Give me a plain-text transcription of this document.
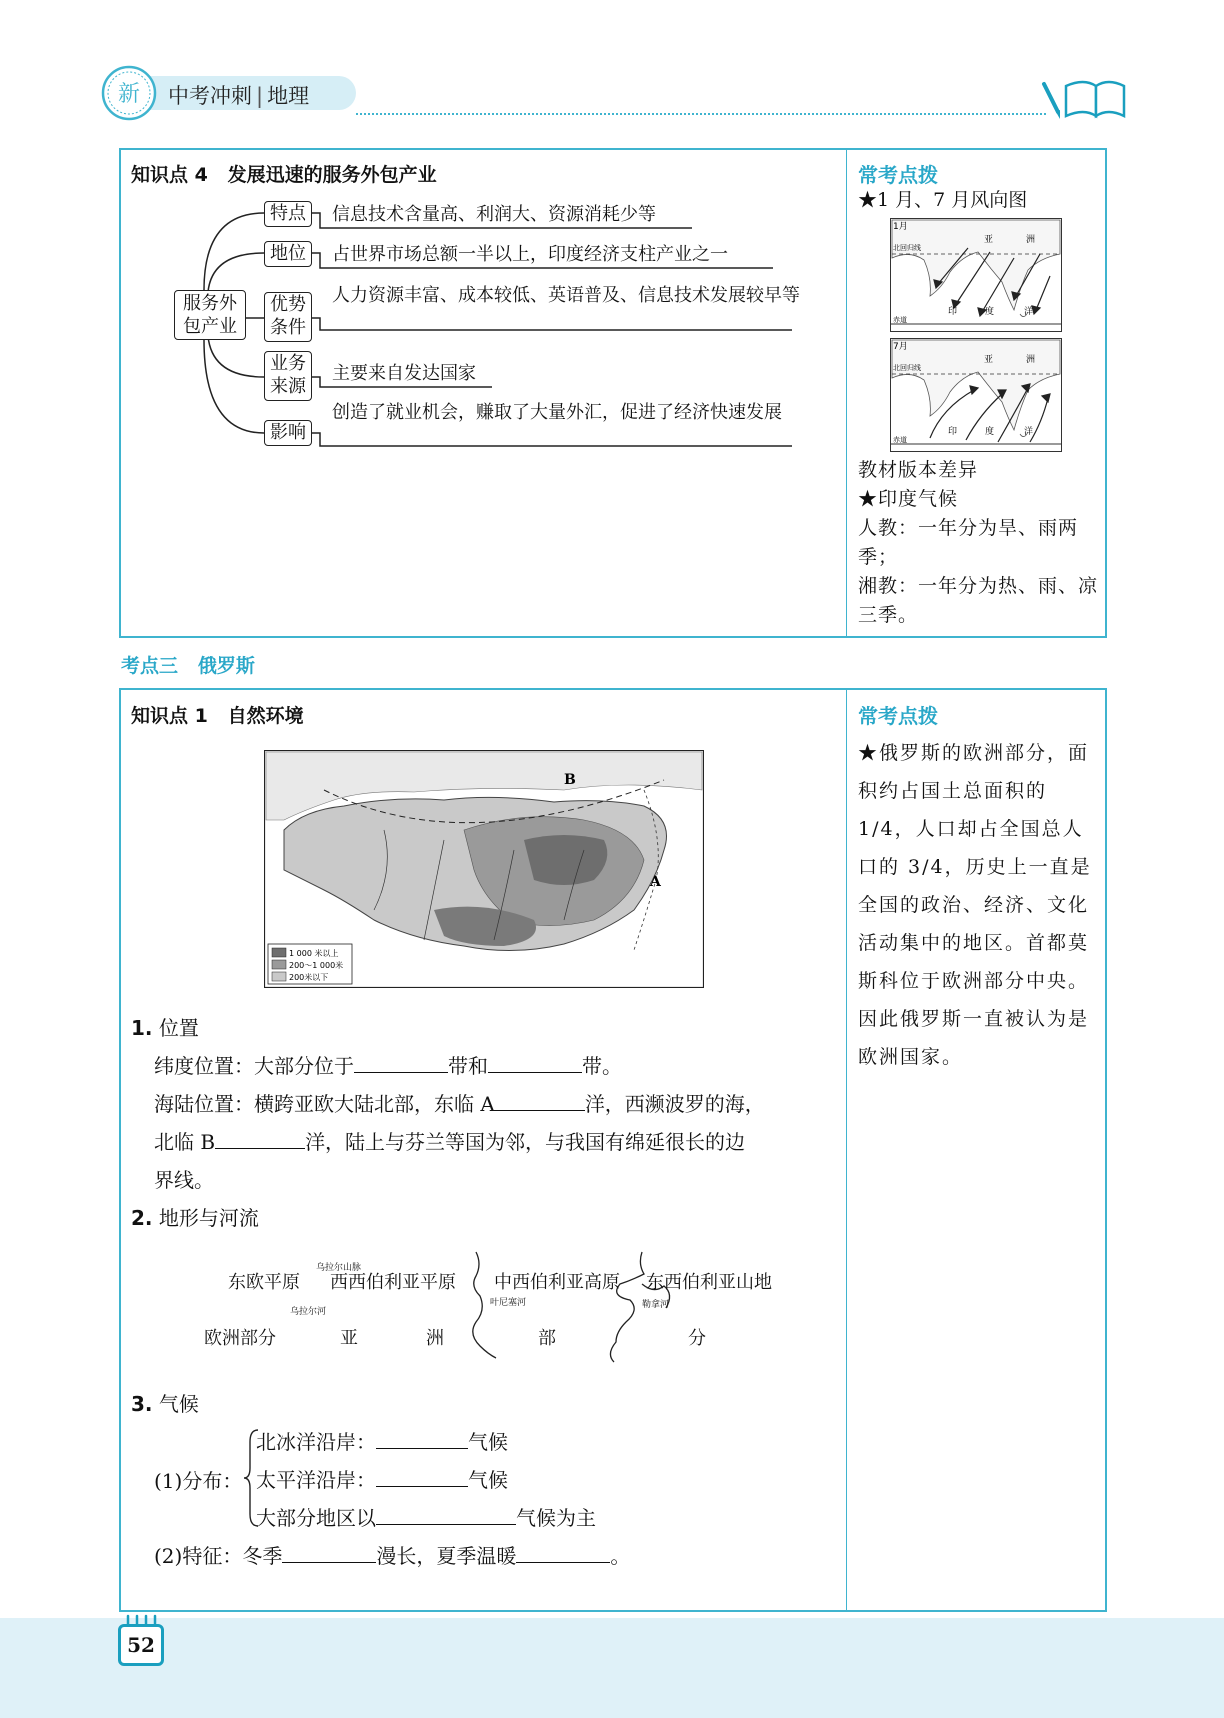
新 中考冲刺 | 地理
知识点 4   发展迅速的服务外包产业
服务外包产业
特点
地位
优势条件
业务来源
影响
信息技术含量高、利润大、资源消耗少等
占世界市场总额一半以上，印度经济支柱产业之一
人力资源丰富、成本较低、英语普及、信息技术发展较早等
主要来自发达国家
创造了就业机会，赚取了大量外汇，促进了经济快速发展
常考点拨
★1 月、7 月风向图
1月
亚	洲
北回归线
印	度	洋
赤道
7月
亚	洲
北回归线
印	度	洋
赤道
教材版本差异
★印度气候
人教：一年分为旱、雨两季；
湘教：一年分为热、雨、凉三季。
考点三   俄罗斯
知识点 1   自然环境
B
A
1 000 米以上
200～1 000米
200米以下
1. 位置
纬度位置：大部分位于	带和	带。
海陆位置：横跨亚欧大陆北部，东临 A	洋，西濒波罗的海，
北临 B	洋，陆上与芬兰等国为邻，与我国有绵延很长的边
界线。
2. 地形与河流
东欧平原 西西伯利亚平原 中西伯利亚高原 东西伯利亚山地
欧洲部分	亚	洲	部	分
乌拉尔山脉
乌拉尔河
叶尼塞河	勒拿河
3. 气候
(1)分布：
北冰洋沿岸：	气候
太平洋沿岸：	气候
大部分地区以	气候为主
(2)特征：冬季	漫长，夏季温暖	。
常考点拨
★俄罗斯的欧洲部分，面积约占国土总面积的 1/4，人口却占全国总人口的 3/4，历史上一直是全国的政治、经济、文化活动集中的地区。首都莫斯科位于欧洲部分中央。因此俄罗斯一直被认为是欧洲国家。
52
